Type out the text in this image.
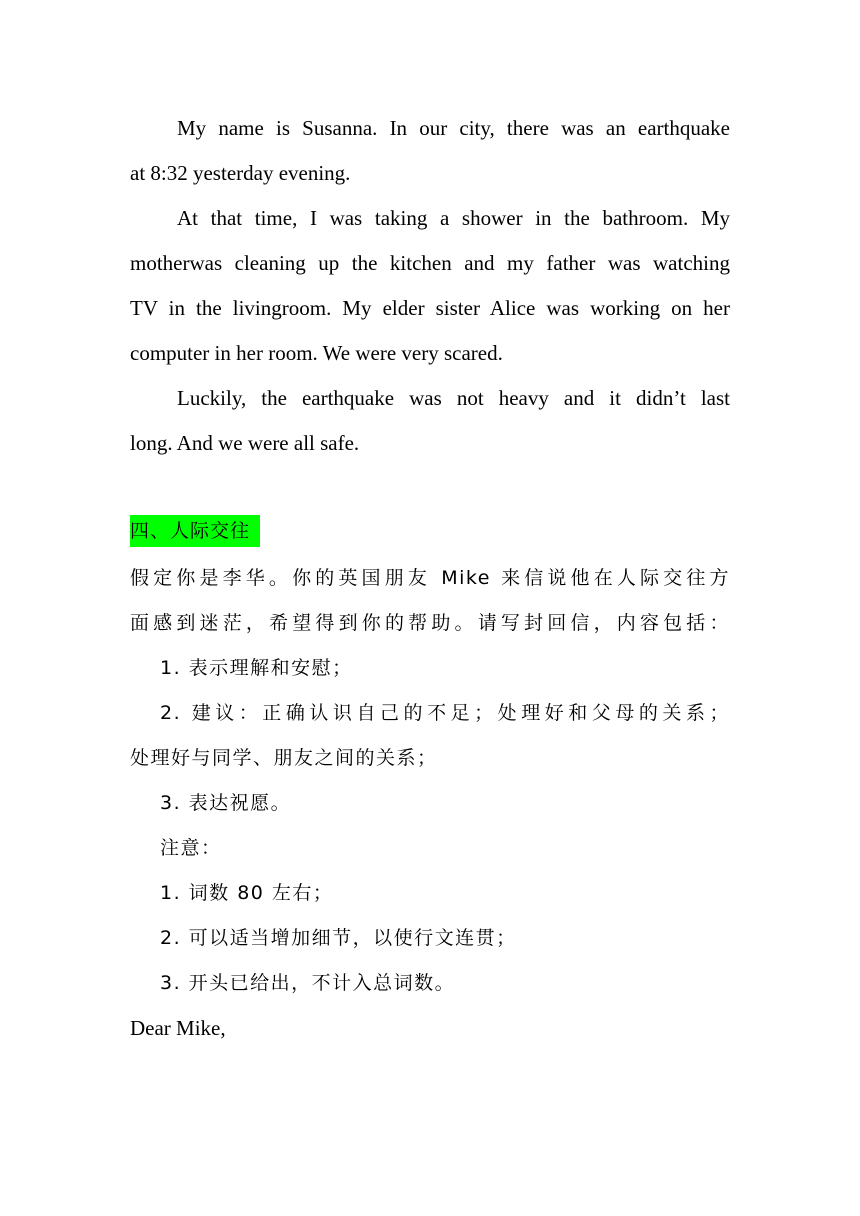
My name is Susanna. In our city, there was an earthquake
at 8:32 yesterday evening.
At that time, I was taking a shower in the bathroom. My
motherwas cleaning up the kitchen and my father was watching
TV in the livingroom. My elder sister Alice was working on her
computer in her room. We were very scared.
Luckily, the earthquake was not heavy and it didn’t last
long. And we were all safe.
四、人际交往
假定你是李华。你的英国朋友 Mike 来信说他在人际交往方
面感到迷茫，希望得到你的帮助。请写封回信，内容包括：
1. 表示理解和安慰；
2. 建议：正确认识自己的不足；处理好和父母的关系；
处理好与同学、朋友之间的关系；
3. 表达祝愿。
注意：
1. 词数 80 左右；
2. 可以适当增加细节，以使行文连贯；
3. 开头已给出，不计入总词数。
Dear Mike,
